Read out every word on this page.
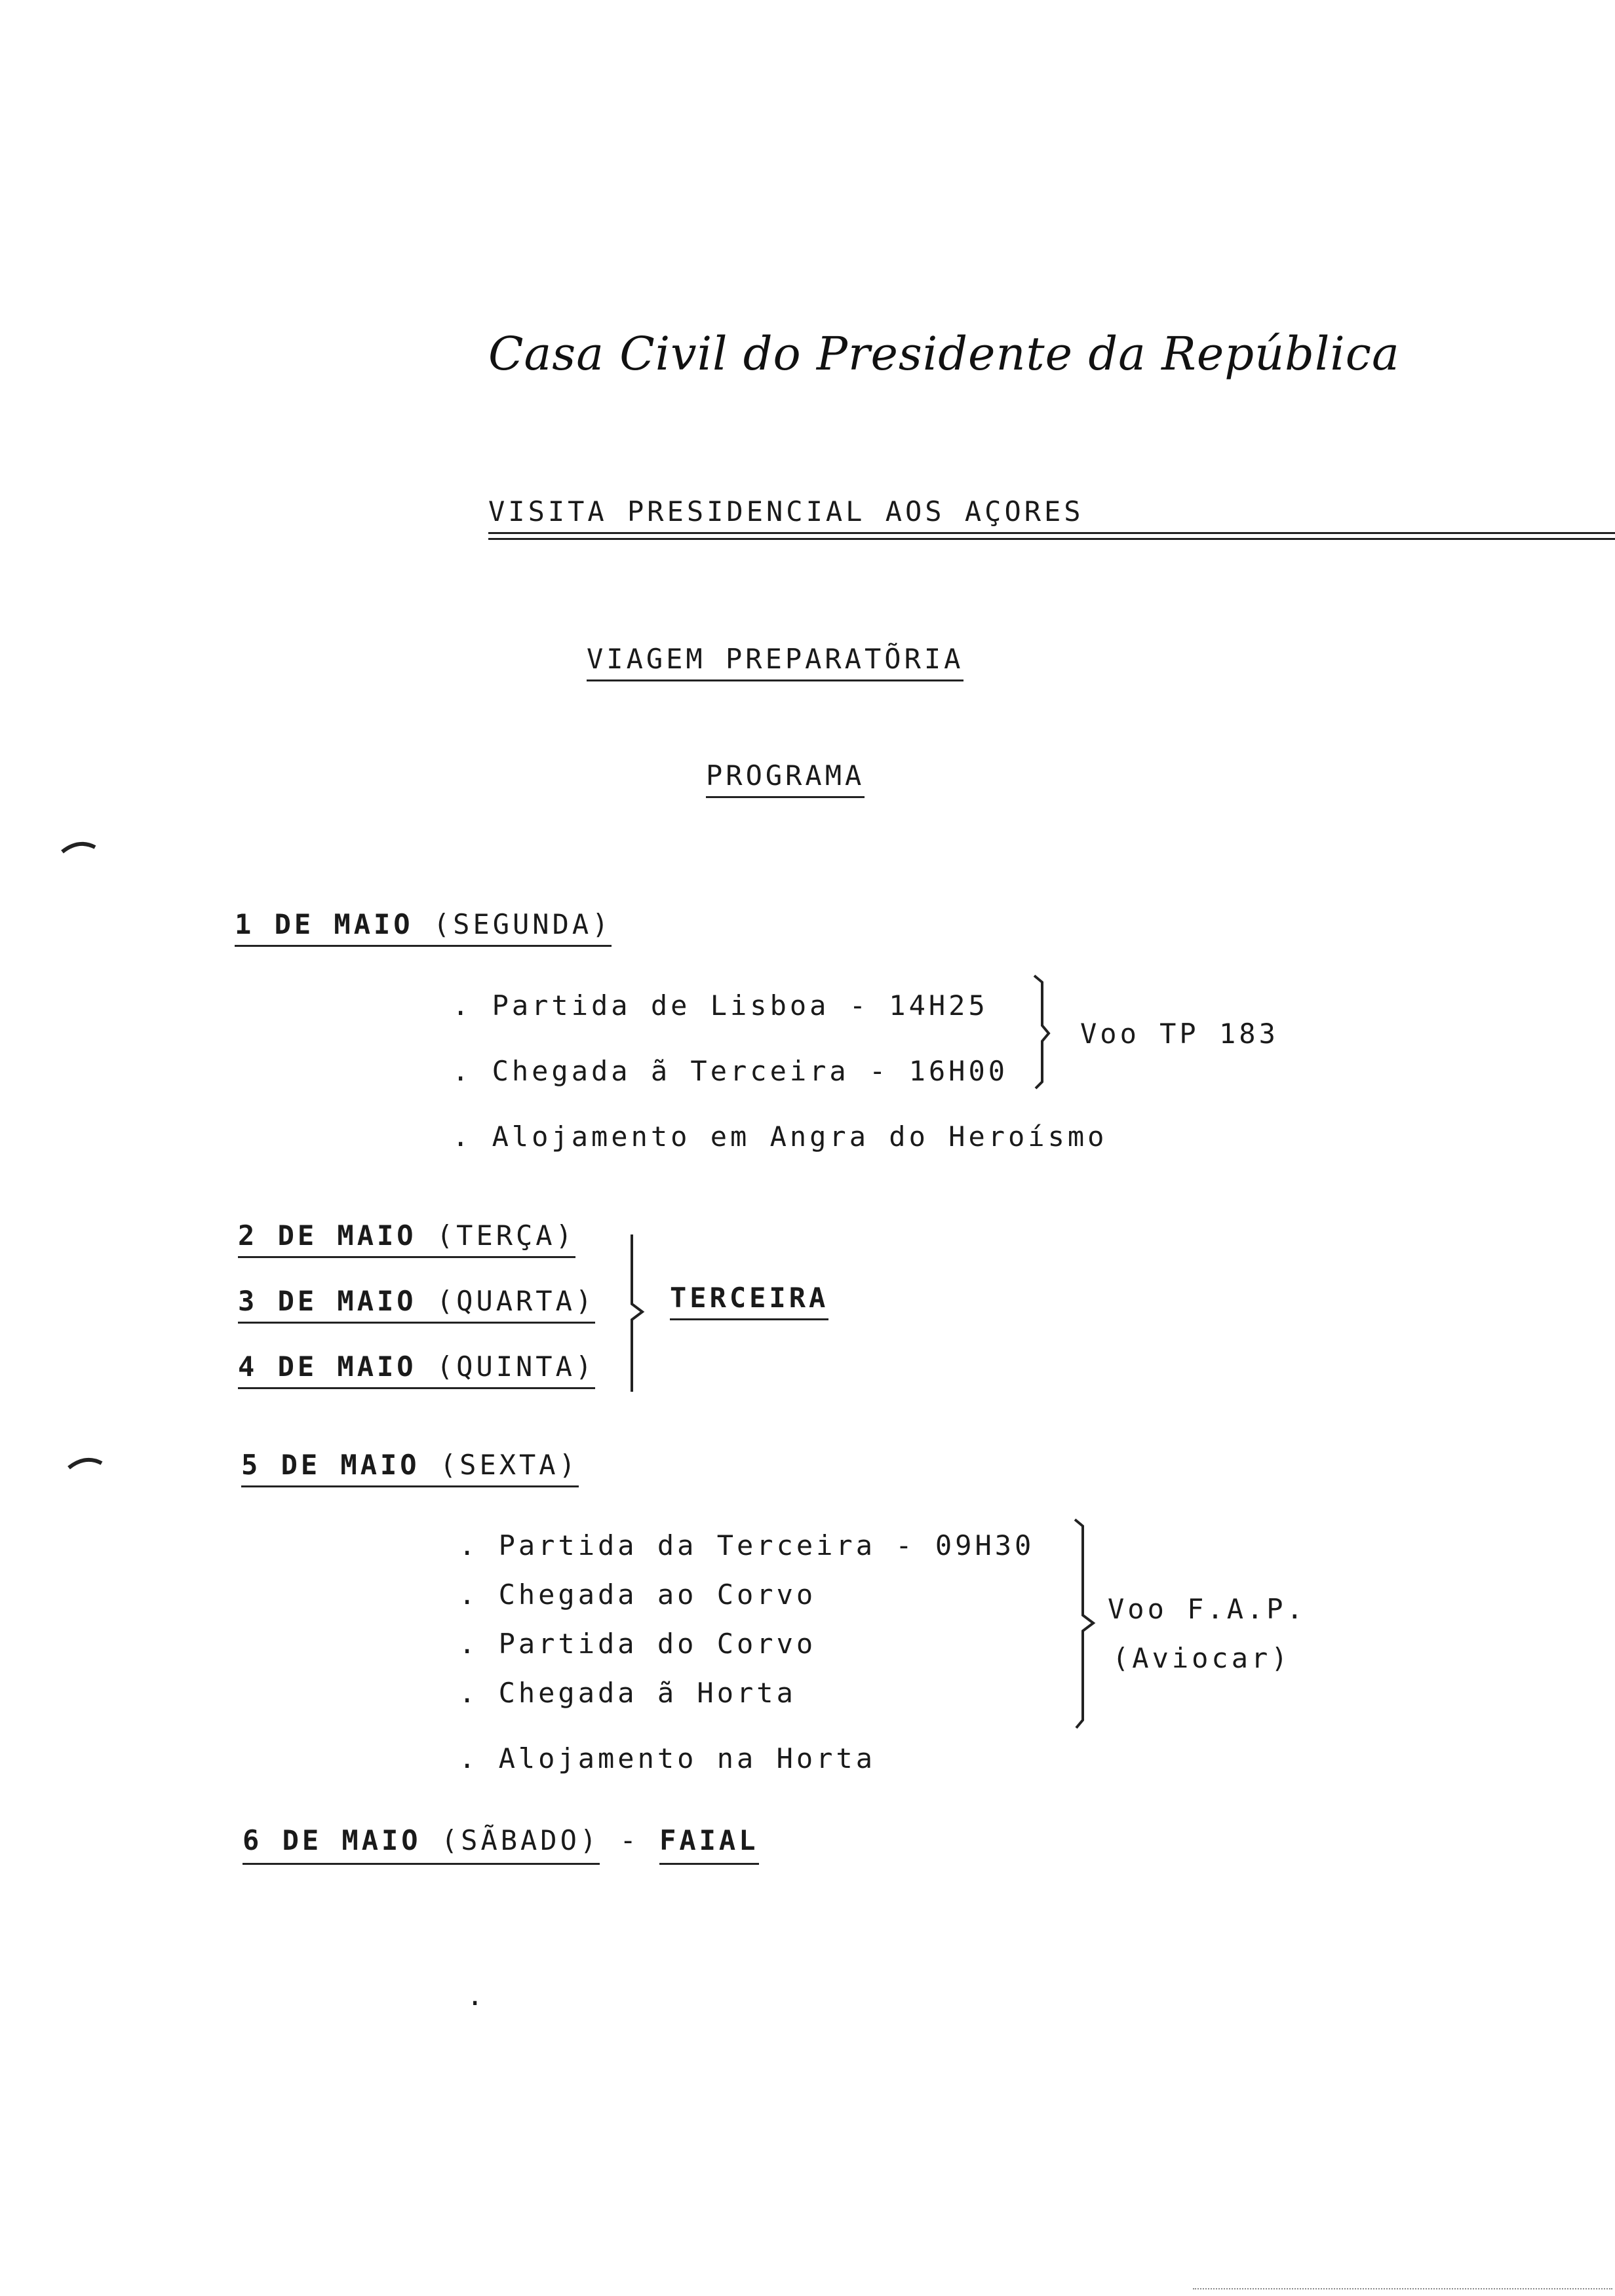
Casa Civil do Presidente da República
VISITA PRESIDENCIAL AOS AÇORES
VIAGEM PREPARATÕRIA
PROGRAMA
1 DE MAIO (SEGUNDA)
. Partida de Lisboa - 14H25
. Chegada ã Terceira - 16H00
. Alojamento em Angra do Heroísmo
Voo TP 183
2 DE MAIO (TERÇA)
3 DE MAIO (QUARTA)
4 DE MAIO (QUINTA)
TERCEIRA
5 DE MAIO (SEXTA)
. Partida da Terceira - 09H30
. Chegada ao Corvo
. Partida do Corvo
. Chegada ã Horta
. Alojamento na Horta
Voo F.A.P.
(Aviocar)
6 DE MAIO (SÃBADO) - FAIAL
.
